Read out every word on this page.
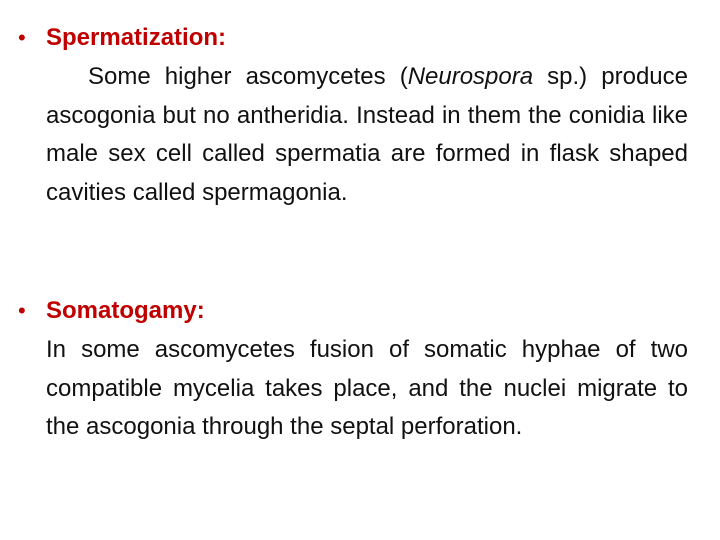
• Spermatization:

Some higher ascomycetes (Neurospora sp.) produce ascogonia but no antheridia. Instead in them the conidia like male sex cell called spermatia are formed in flask shaped cavities called spermagonia.

• Somatogamy:

In some ascomycetes fusion of somatic hyphae of two compatible mycelia takes place, and the nuclei migrate to the ascogonia through the septal perforation.
